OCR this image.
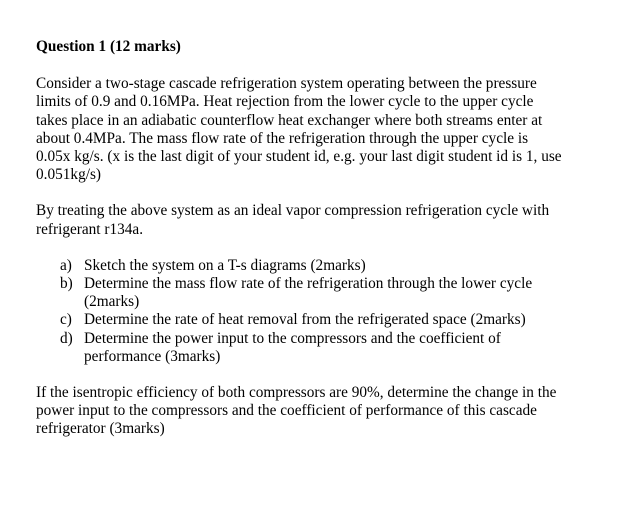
Question 1 (12 marks)
Consider a two-stage cascade refrigeration system operating between the pressure
limits of 0.9 and 0.16MPa. Heat rejection from the lower cycle to the upper cycle
takes place in an adiabatic counterflow heat exchanger where both streams enter at
about 0.4MPa. The mass flow rate of the refrigeration through the upper cycle is
0.05x kg/s. (x is the last digit of your student id, e.g. your last digit student id is 1, use
0.051kg/s)
By treating the above system as an ideal vapor compression refrigeration cycle with
refrigerant r134a.
a) Sketch the system on a T-s diagrams (2marks)
b) Determine the mass flow rate of the refrigeration through the lower cycle
(2marks)
c) Determine the rate of heat removal from the refrigerated space (2marks)
d) Determine the power input to the compressors and the coefficient of
performance (3marks)
If the isentropic efficiency of both compressors are 90%, determine the change in the
power input to the compressors and the coefficient of performance of this cascade
refrigerator (3marks)
